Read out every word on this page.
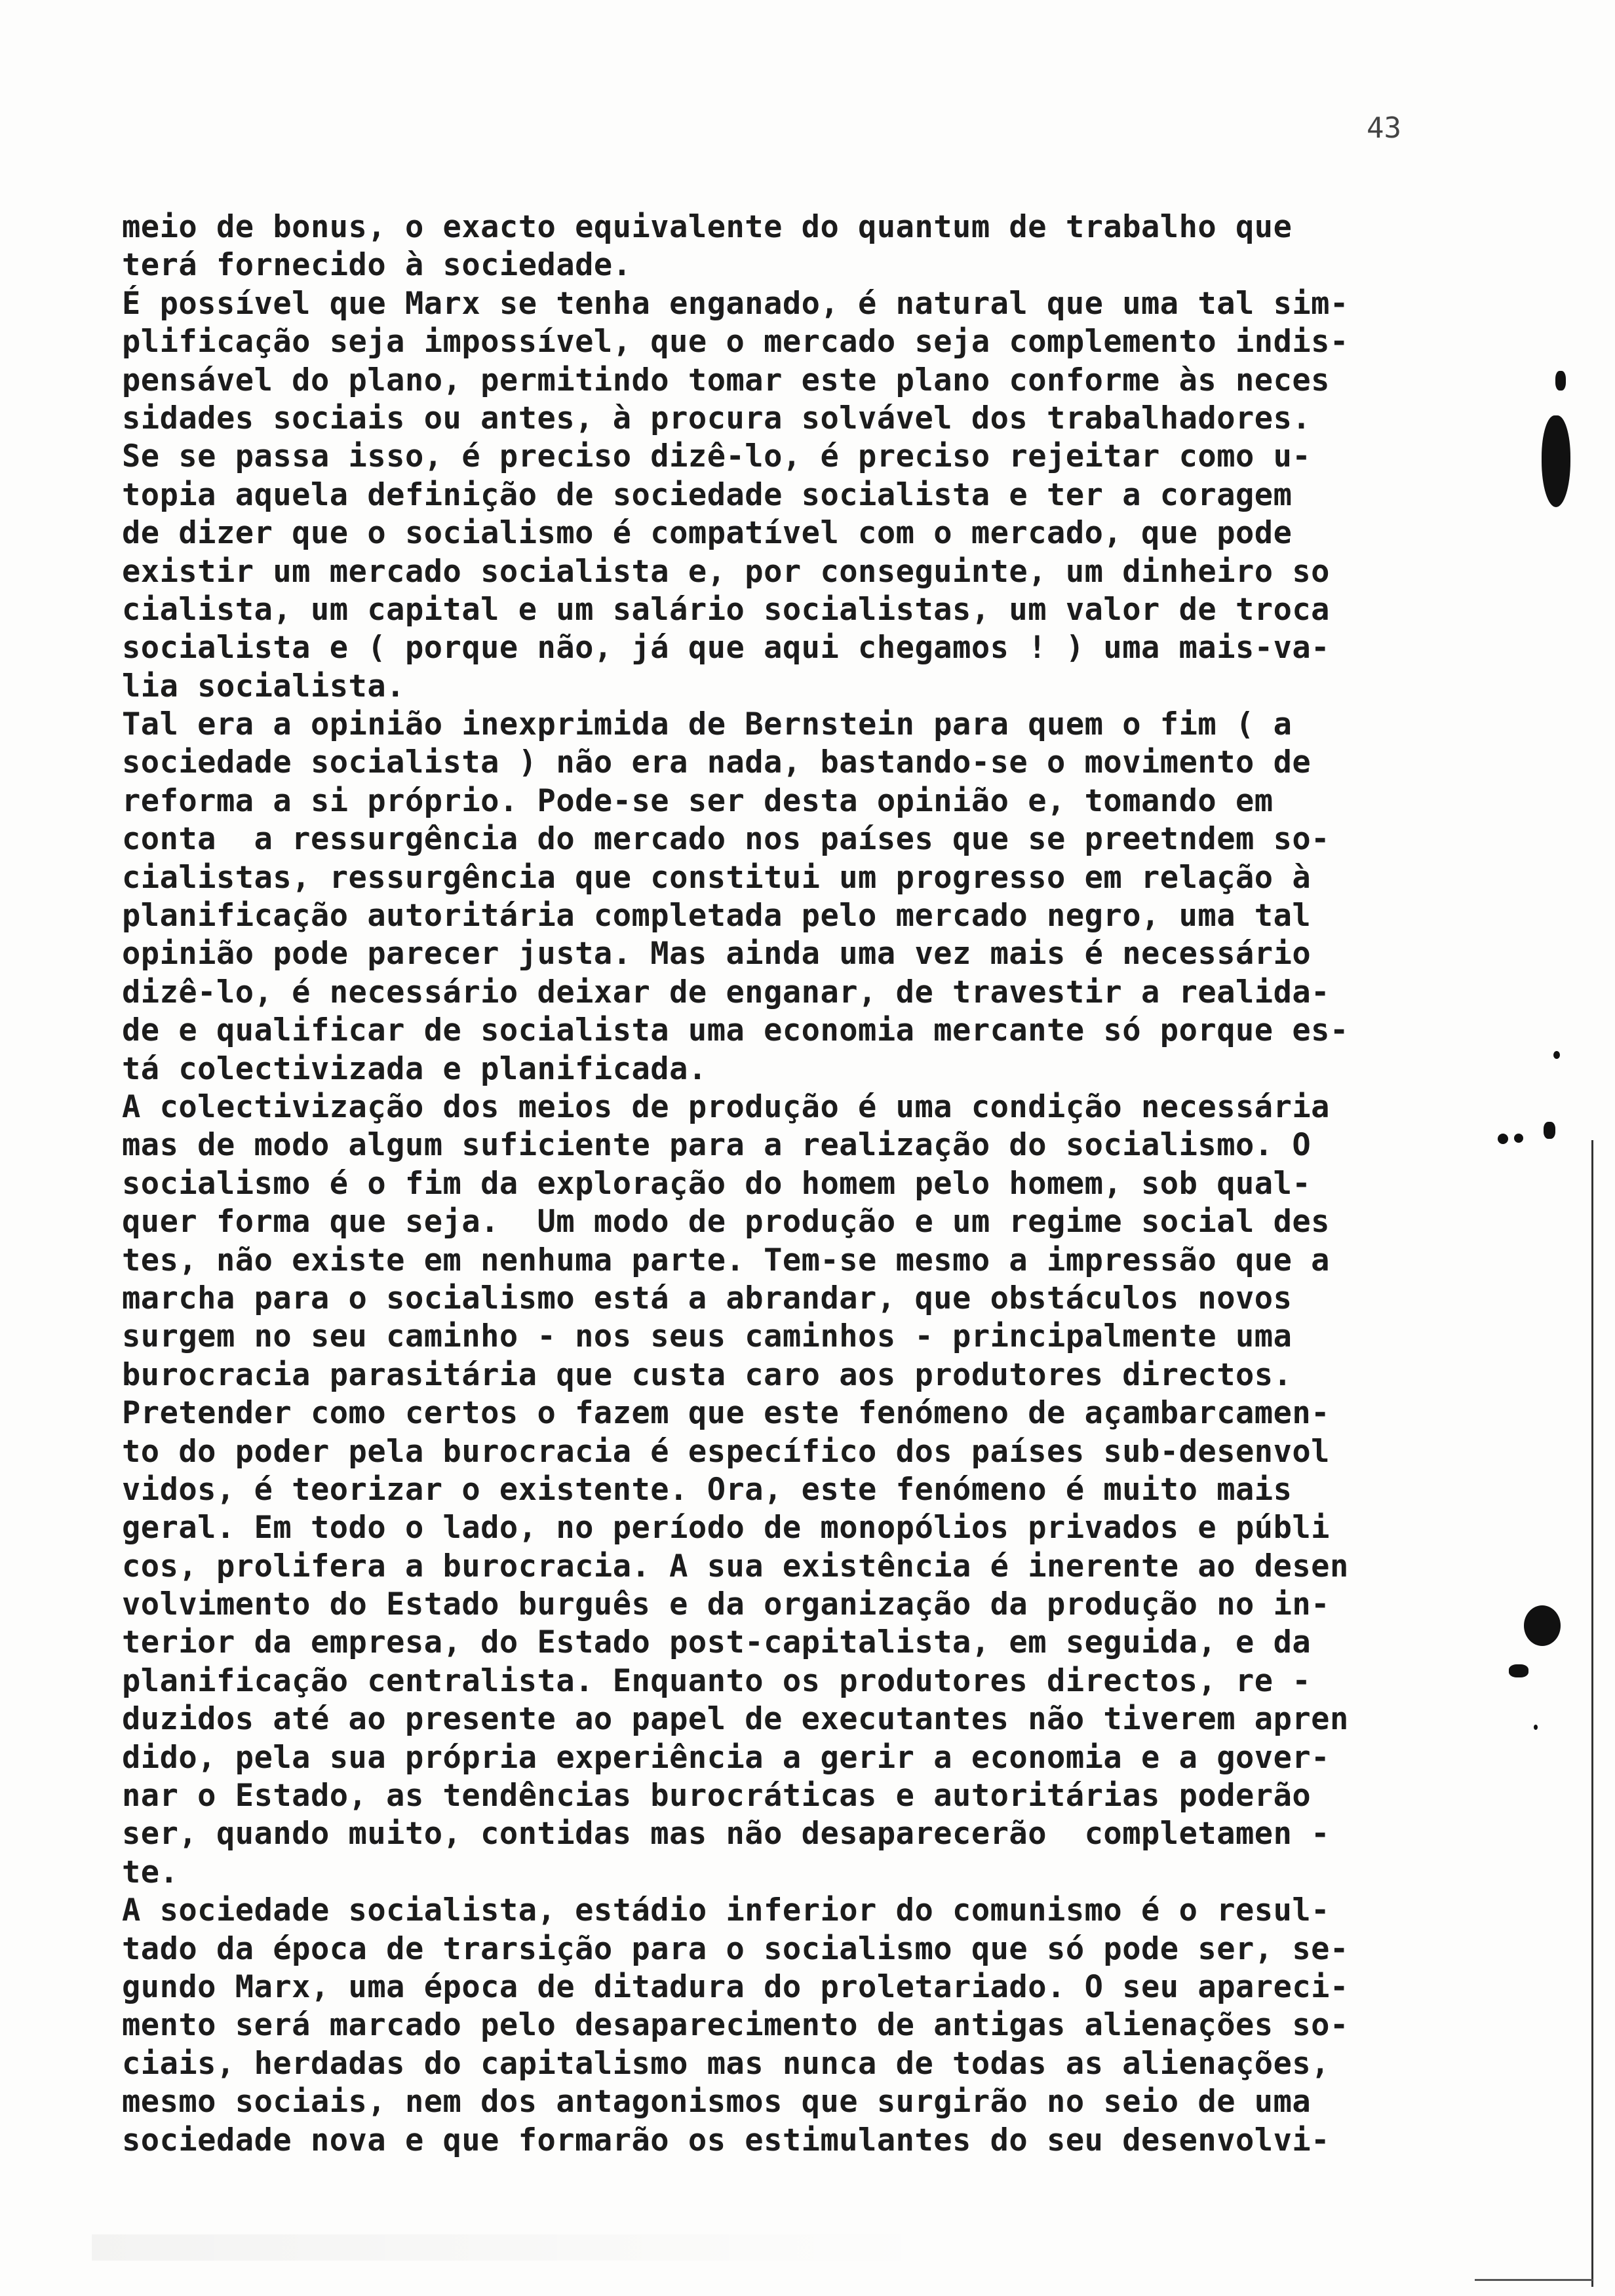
43
meio de bonus, o exacto equivalente do quantum de trabalho que
terá fornecido à sociedade.
É possível que Marx se tenha enganado, é natural que uma tal sim-
plificação seja impossível, que o mercado seja complemento indis-
pensável do plano, permitindo tomar este plano conforme às neces
sidades sociais ou antes, à procura solvável dos trabalhadores.
Se se passa isso, é preciso dizê-lo, é preciso rejeitar como u-
topia aquela definição de sociedade socialista e ter a coragem
de dizer que o socialismo é compatível com o mercado, que pode
existir um mercado socialista e, por conseguinte, um dinheiro so
cialista, um capital e um salário socialistas, um valor de troca
socialista e ( porque não, já que aqui chegamos ! ) uma mais-va-
lia socialista.
Tal era a opinião inexprimida de Bernstein para quem o fim ( a
sociedade socialista ) não era nada, bastando-se o movimento de
reforma a si próprio. Pode-se ser desta opinião e, tomando em
conta  a ressurgência do mercado nos países que se preetndem so-
cialistas, ressurgência que constitui um progresso em relação à
planificação autoritária completada pelo mercado negro, uma tal
opinião pode parecer justa. Mas ainda uma vez mais é necessário
dizê-lo, é necessário deixar de enganar, de travestir a realida-
de e qualificar de socialista uma economia mercante só porque es-
tá colectivizada e planificada.
A colectivização dos meios de produção é uma condição necessária
mas de modo algum suficiente para a realização do socialismo. O
socialismo é o fim da exploração do homem pelo homem, sob qual-
quer forma que seja.  Um modo de produção e um regime social des
tes, não existe em nenhuma parte. Tem-se mesmo a impressão que a
marcha para o socialismo está a abrandar, que obstáculos novos
surgem no seu caminho - nos seus caminhos - principalmente uma
burocracia parasitária que custa caro aos produtores directos.
Pretender como certos o fazem que este fenómeno de açambarcamen-
to do poder pela burocracia é específico dos países sub-desenvol
vidos, é teorizar o existente. Ora, este fenómeno é muito mais
geral. Em todo o lado, no período de monopólios privados e públi
cos, prolifera a burocracia. A sua existência é inerente ao desen
volvimento do Estado burguês e da organização da produção no in-
terior da empresa, do Estado post-capitalista, em seguida, e da
planificação centralista. Enquanto os produtores directos, re -
duzidos até ao presente ao papel de executantes não tiverem apren
dido, pela sua própria experiência a gerir a economia e a gover-
nar o Estado, as tendências burocráticas e autoritárias poderão
ser, quando muito, contidas mas não desaparecerão  completamen -
te.
A sociedade socialista, estádio inferior do comunismo é o resul-
tado da época de trarsição para o socialismo que só pode ser, se-
gundo Marx, uma época de ditadura do proletariado. O seu apareci-
mento será marcado pelo desaparecimento de antigas alienações so-
ciais, herdadas do capitalismo mas nunca de todas as alienações,
mesmo sociais, nem dos antagonismos que surgirão no seio de uma
sociedade nova e que formarão os estimulantes do seu desenvolvi-
